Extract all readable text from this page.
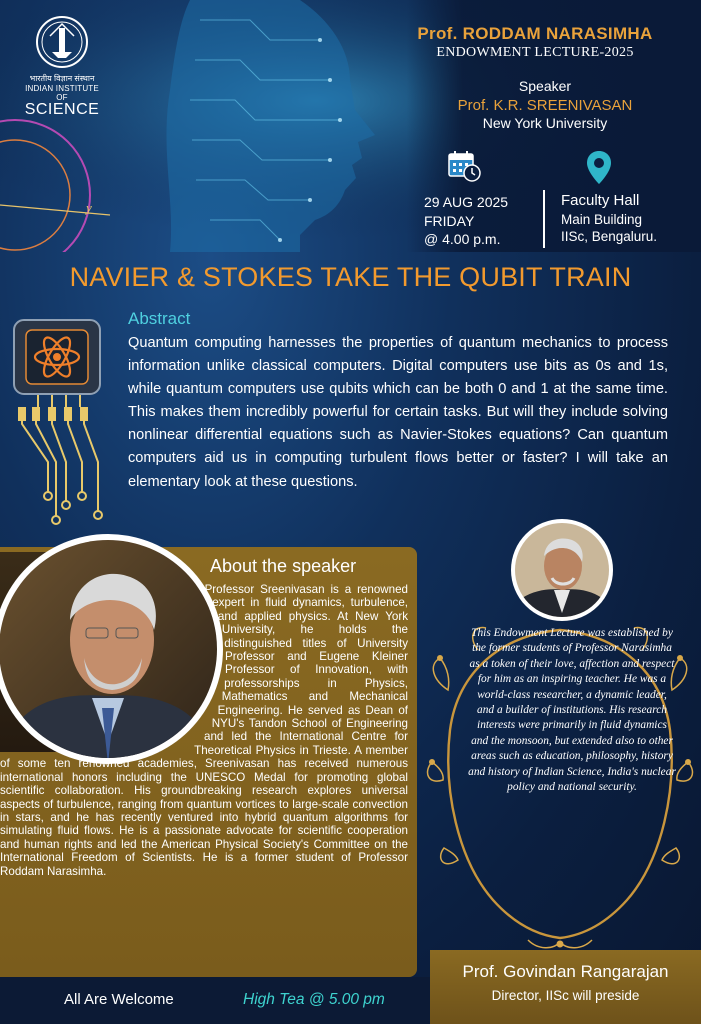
भारतीय विज्ञान संस्थान
INDIAN INSTITUTE OF
SCIENCE
Prof. RODDAM NARASIMHA
ENDOWMENT LECTURE-2025
Speaker
Prof. K.R. SREENIVASAN
New York University
29 AUG 2025
FRIDAY
@ 4.00 p.m.
Faculty Hall
Main Building
IISc, Bengaluru.
NAVIER & STOKES TAKE THE QUBIT TRAIN
Abstract
Quantum computing harnesses the properties of quantum mechanics to process information unlike classical computers. Digital computers use bits as 0s and 1s, while quantum computers use qubits which can be both 0 and 1 at the same time. This makes them incredibly powerful for certain tasks. But will they include solving nonlinear differential equations such as Navier-Stokes equations? Can quantum computers aid us in computing turbulent flows better or faster? I will take an elementary look at these questions.
About the speaker
Professor Sreenivasan is a renowned expert in fluid dynamics, turbulence, and applied physics. At New York University, he holds the distinguished titles of University Professor and Eugene Kleiner Professor of Innovation, with professorships in Physics, Mathematics and Mechanical Engineering. He served as Dean of NYU's Tandon School of Engineering and led the International Centre for Theoretical Physics in Trieste. A member of some ten renowned academies, Sreenivasan has received numerous international honors including the UNESCO Medal for promoting global scientific collaboration. His groundbreaking research explores universal aspects of turbulence, ranging from quantum vortices to large-scale convection in stars, and he has recently ventured into hybrid quantum algorithms for simulating fluid flows. He is a passionate advocate for scientific cooperation and human rights and led the American Physical Society's Committee on the International Freedom of Scientists. He is a former student of Professor Roddam Narasimha.
This Endowment Lecture was established by the former students of Professor Narasimha as a token of their love, affection and respect for him as an inspiring teacher. He was a world-class researcher, a dynamic leader, and a builder of institutions. His research interests were primarily in fluid dynamics and the monsoon, but extended also to other areas such as education, philosophy, history and history of Indian Science, India's nuclear policy and national security.
All Are Welcome	High Tea @ 5.00 pm
Prof. Govindan Rangarajan
Director, IISc will preside
